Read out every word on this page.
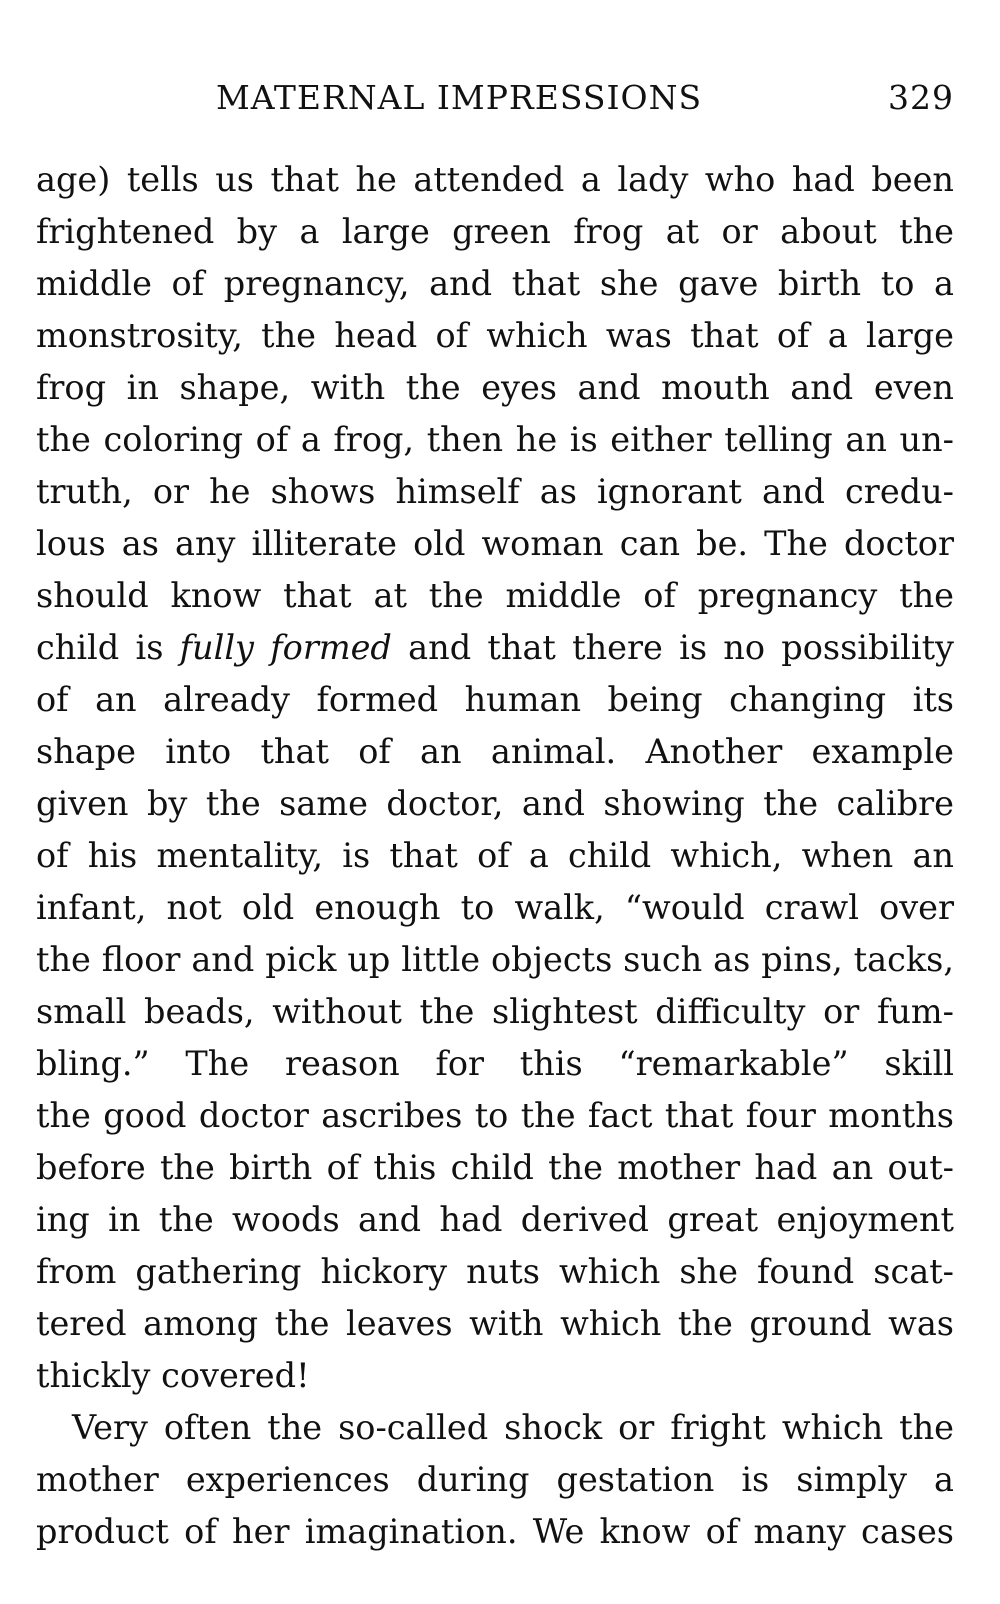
MATERNAL IMPRESSIONS	329
age) tells us that he attended a lady who had been
frightened by a large green frog at or about the
middle of pregnancy, and that she gave birth to a
monstrosity, the head of which was that of a large
frog in shape, with the eyes and mouth and even
the coloring of a frog, then he is either telling an un-
truth, or he shows himself as ignorant and credu-
lous as any illiterate old woman can be. The doctor
should know that at the middle of pregnancy the
child is fully formed and that there is no possibility
of an already formed human being changing its
shape into that of an animal. Another example
given by the same doctor, and showing the calibre
of his mentality, is that of a child which, when an
infant, not old enough to walk, “would crawl over
the floor and pick up little objects such as pins, tacks,
small beads, without the slightest difficulty or fum-
bling.” The reason for this “remarkable” skill
the good doctor ascribes to the fact that four months
before the birth of this child the mother had an out-
ing in the woods and had derived great enjoyment
from gathering hickory nuts which she found scat-
tered among the leaves with which the ground was
thickly covered!
Very often the so-called shock or fright which the
mother experiences during gestation is simply a
product of her imagination. We know of many cases
